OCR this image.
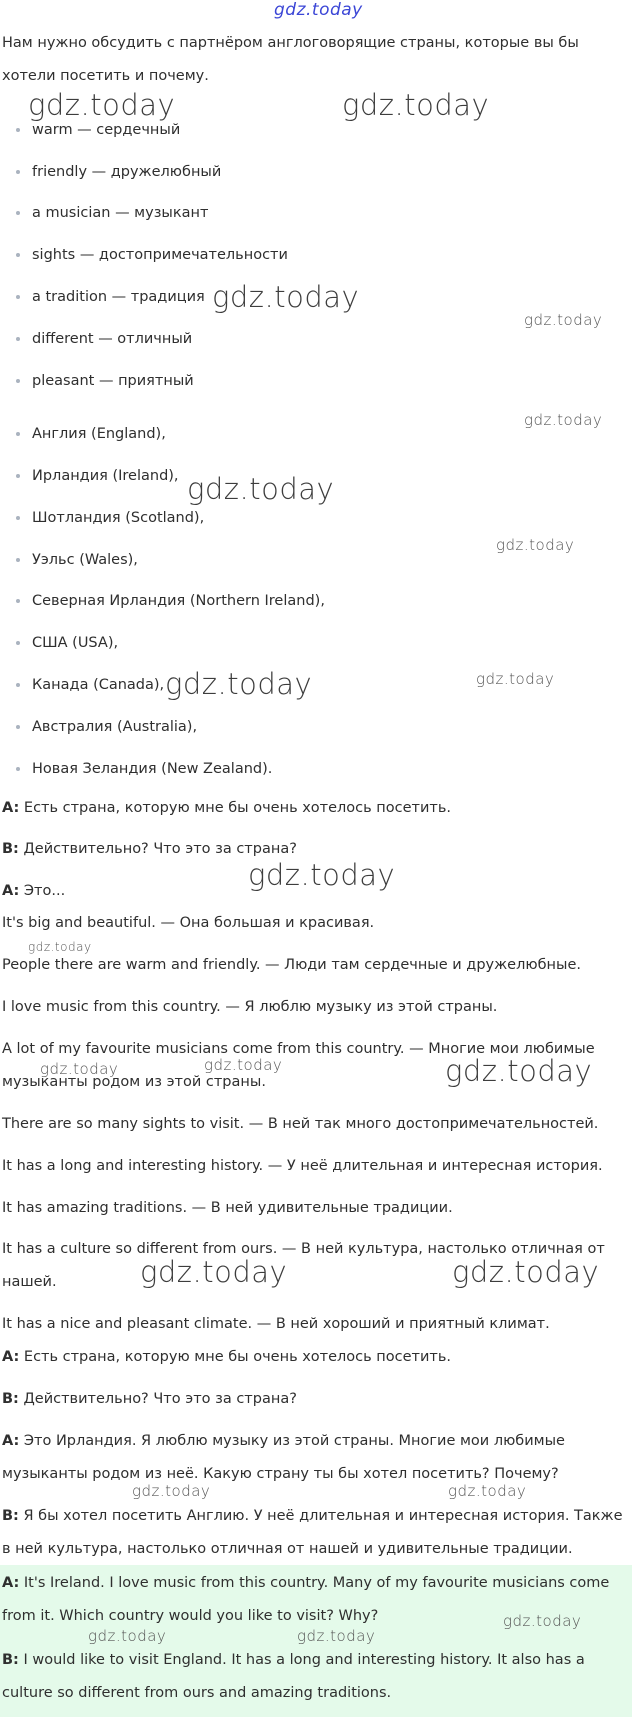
Нам нужно обсудить с партнёром англоговорящие страны, которые вы бы хотели посетить и почему.

warm — сердечный
friendly — дружелюбный
a musician — музыкант
sights — достопримечательности
a tradition — традиция
different — отличный
pleasant — приятный
Англия (England),
Ирландия (Ireland),
Шотландия (Scotland),
Уэльс (Wales),
Северная Ирландия (Northern Ireland),
США (USA),
Канада (Canada),
Австралия (Australia),
Новая Зеландия (New Zealand).

A: Есть страна, которую мне бы очень хотелось посетить.

B: Действительно? Что это за страна?

A: Это...

It's big and beautiful. — Она большая и красивая.

People there are warm and friendly. — Люди там сердечные и дружелюбные.

I love music from this country. — Я люблю музыку из этой страны.

A lot of my favourite musicians come from this country. — Многие мои любимые музыканты родом из этой страны.

There are so many sights to visit. — В ней так много достопримечательностей.

It has a long and interesting history. — У неё длительная и интересная история.

It has amazing traditions. — В ней удивительные традиции.

It has a culture so different from ours. — В ней культура, настолько отличная от нашей.

It has a nice and pleasant climate. — В ней хороший и приятный климат.

A: Есть страна, которую мне бы очень хотелось посетить.

B: Действительно? Что это за страна?

A: Это Ирландия. Я люблю музыку из этой страны. Многие мои любимые музыканты родом из неё. Какую страну ты бы хотел посетить? Почему?

B: Я бы хотел посетить Англию. У неё длительная и интересная история. Также в ней культура, настолько отличная от нашей и удивительные традиции.

A: It's Ireland. I love music from this country. Many of my favourite musicians come from it. Which country would you like to visit? Why?

B: I would like to visit England. It has a long and interesting history. It also has a culture so different from ours and amazing traditions.

gdz.today
gdz.today	gdz.today
gdz.today
gdz.today
gdz.today
gdz.today
gdz.today
gdz.today	gdz.today
gdz.today
gdz.today
gdz.today	gdz.today	gdz.today
gdz.today	gdz.today
gdz.today	gdz.today
gdz.today
gdz.today	gdz.today
